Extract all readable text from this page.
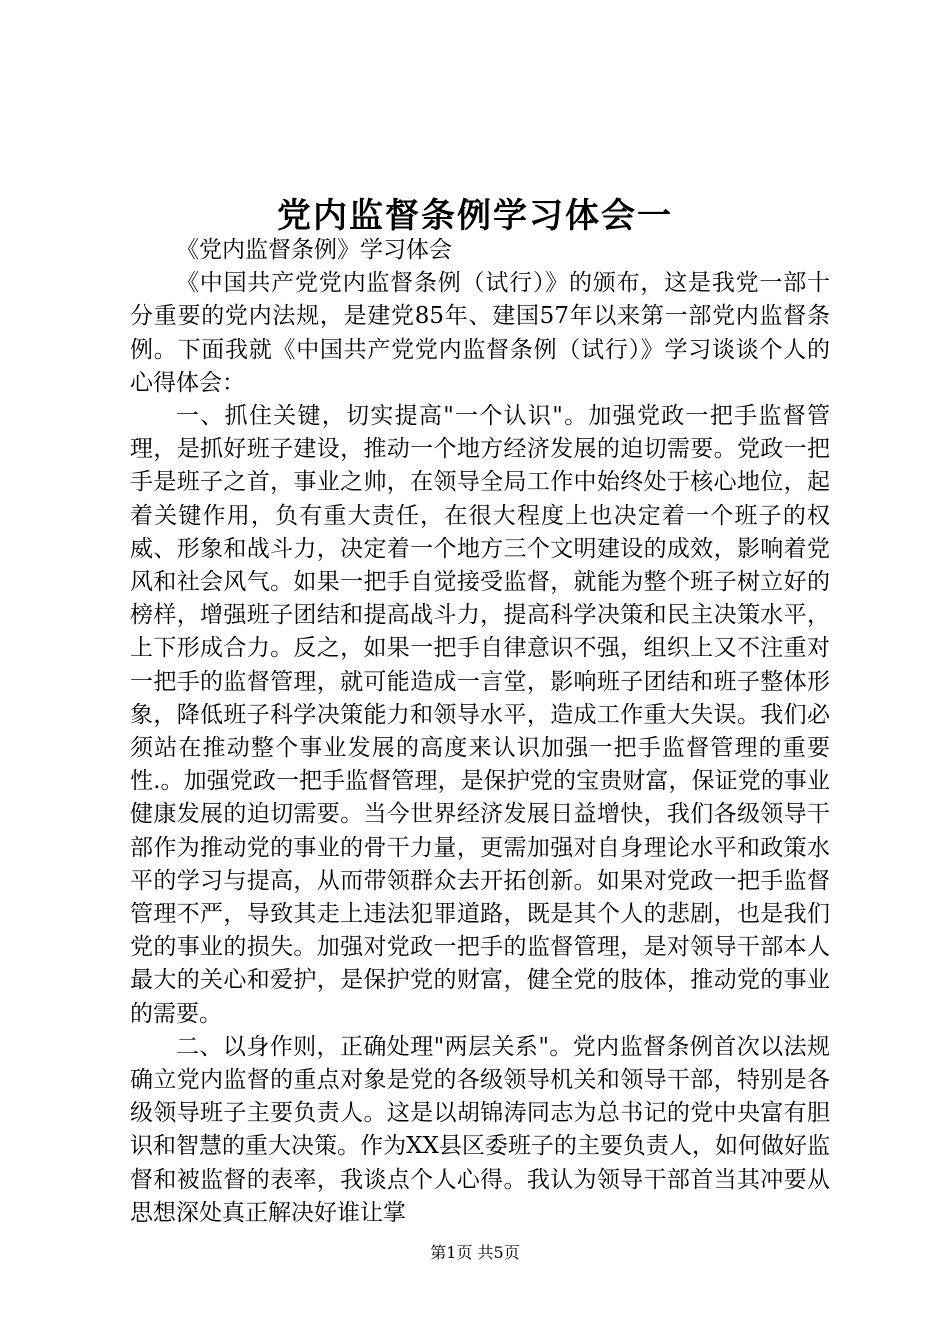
党内监督条例学习体会一

《党内监督条例》学习体会

《中国共产党党内监督条例（试行）》的颁布，这是我党一部十分重要的党内法规，是建党85年、建国57年以来第一部党内监督条例。下面我就《中国共产党党内监督条例（试行）》学习谈谈个人的心得体会：

一、抓住关键，切实提高"一个认识"。加强党政一把手监督管理，是抓好班子建设，推动一个地方经济发展的迫切需要。党政一把手是班子之首，事业之帅，在领导全局工作中始终处于核心地位，起着关键作用，负有重大责任，在很大程度上也决定着一个班子的权威、形象和战斗力，决定着一个地方三个文明建设的成效，影响着党风和社会风气。如果一把手自觉接受监督，就能为整个班子树立好的榜样，增强班子团结和提高战斗力，提高科学决策和民主决策水平，上下形成合力。反之，如果一把手自律意识不强，组织上又不注重对一把手的监督管理，就可能造成一言堂，影响班子团结和班子整体形象，降低班子科学决策能力和领导水平，造成工作重大失误。我们必须站在推动整个事业发展的高度来认识加强一把手监督管理的重要性.。加强党政一把手监督管理，是保护党的宝贵财富，保证党的事业健康发展的迫切需要。当今世界经济发展日益增快，我们各级领导干部作为推动党的事业的骨干力量，更需加强对自身理论水平和政策水平的学习与提高，从而带领群众去开拓创新。如果对党政一把手监督管理不严，导致其走上违法犯罪道路，既是其个人的悲剧，也是我们党的事业的损失。加强对党政一把手的监督管理，是对领导干部本人最大的关心和爱护，是保护党的财富，健全党的肢体，推动党的事业的需要。

二、以身作则，正确处理"两层关系"。党内监督条例首次以法规确立党内监督的重点对象是党的各级领导机关和领导干部，特别是各级领导班子主要负责人。这是以胡锦涛同志为总书记的党中央富有胆识和智慧的重大决策。作为XX县区委班子的主要负责人，如何做好监督和被监督的表率，我谈点个人心得。我认为领导干部首当其冲要从思想深处真正解决好谁让掌

第1页 共5页
